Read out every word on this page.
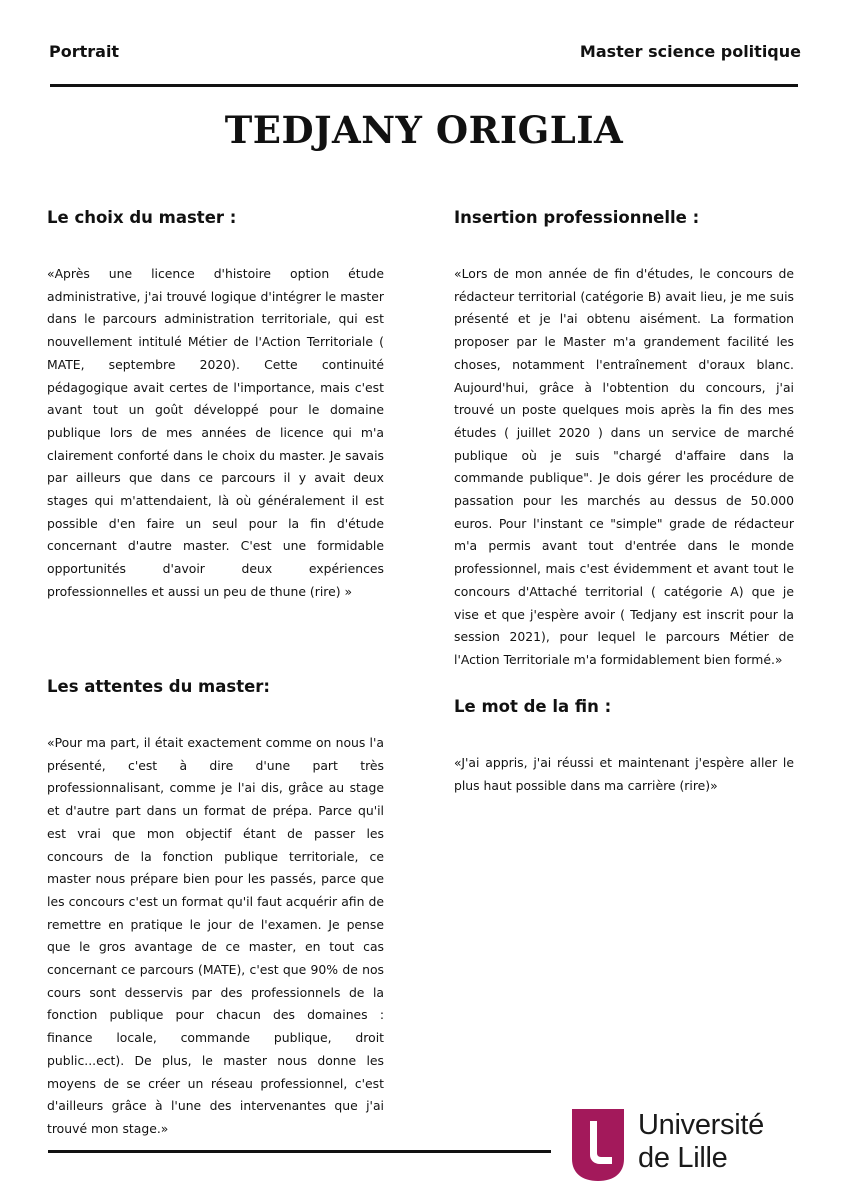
Portrait	Master science politique
TEDJANY ORIGLIA
Le choix du master :
«Après une licence d'histoire option étude administrative, j'ai trouvé logique d'intégrer le master dans le parcours administration territoriale, qui est nouvellement intitulé Métier de l'Action Territoriale ( MATE, septembre 2020). Cette continuité pédagogique avait certes de l'importance, mais c'est avant tout un goût développé pour le domaine publique lors de mes années de licence qui m'a clairement conforté dans le choix du master. Je savais par ailleurs que dans ce parcours il y avait deux stages qui m'attendaient, là où généralement il est possible d'en faire un seul pour la fin d'étude concernant d'autre master. C'est une formidable opportunités d'avoir deux expériences professionnelles et aussi un peu de thune (rire) »
Les attentes du master:
«Pour ma part, il était exactement comme on nous l'a présenté, c'est à dire d'une part très professionnalisant, comme je l'ai dis, grâce au stage et d'autre part dans un format de prépa. Parce qu'il est vrai que mon objectif étant de passer les concours de la fonction publique territoriale, ce master nous prépare bien pour les passés, parce que les concours c'est un format qu'il faut acquérir afin de remettre en pratique le jour de l'examen. Je pense que le gros avantage de ce master, en tout cas concernant ce parcours (MATE), c'est que 90% de nos cours sont desservis par des professionnels de la fonction publique pour chacun des domaines : finance locale, commande publique, droit public...ect). De plus, le master nous donne les moyens de se créer un réseau professionnel, c'est d'ailleurs grâce à l'une des intervenantes que j'ai trouvé mon stage.»
Insertion professionnelle :
«Lors de mon année de fin d'études, le concours de rédacteur territorial (catégorie B) avait lieu, je me suis présenté et je l'ai obtenu aisément. La formation proposer par le Master m'a grandement facilité les choses, notamment l'entraînement d'oraux blanc. Aujourd'hui, grâce à l'obtention du concours, j'ai trouvé un poste quelques mois après la fin des mes études ( juillet 2020 ) dans un service de marché publique où je suis "chargé d'affaire dans la commande publique". Je dois gérer les procédure de passation pour les marchés au dessus de 50.000 euros. Pour l'instant ce "simple" grade de rédacteur m'a permis avant tout d'entrée dans le monde professionnel, mais c'est évidemment et avant tout le concours d'Attaché territorial ( catégorie A) que je vise et que j'espère avoir ( Tedjany est inscrit pour la session 2021), pour lequel le parcours Métier de l'Action Territoriale m'a formidablement bien formé.»
Le mot de la fin :
«J'ai appris, j'ai réussi et maintenant j'espère aller le plus haut possible dans ma carrière (rire)»
Université
de Lille
